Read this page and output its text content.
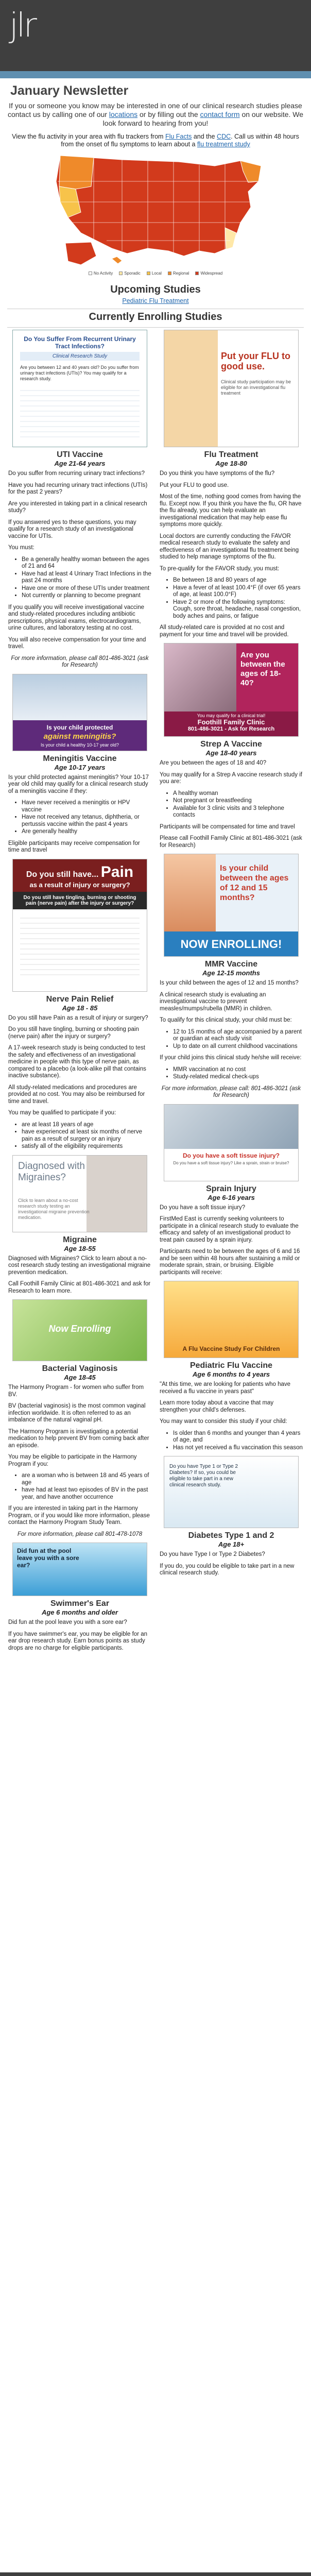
jlr
January Newsletter

If you or someone you know may be interested in one of our clinical research studies please contact us by calling one of our locations or by filling out the contact form on our website. We look forward to hearing from you!

View the flu activity in your area with flu trackers from Flu Facts and the CDC. Call us within 48 hours from the onset of flu symptoms to learn about a flu treatment study

No Activity	Sporadic	Local	Regional	Widespread
Upcoming Studies
Pediatric Flu Treatment
Currently Enrolling Studies
Do You Suffer From Recurrent Urinary Tract Infections?
Clinical Research Study
Are you between 12 and 40 years old? Do you suffer from urinary tract infections (UTIs)? You may qualify for a research study.
UTI Vaccine
Age 21-64 years

Do you suffer from recurring urinary tract infections?

Have you had recurring urinary tract infections (UTIs) for the past 2 years?

Are you interested in taking part in a clinical research study?

If you answered yes to these questions, you may qualify for a research study of an investigational vaccine for UTIs.

You must:

• Be a generally healthy woman between the ages of 21 and 64
• Have had at least 4 Urinary Tract Infections in the past 24 months
• Have one or more of these UTIs under treatment
• Not currently or planning to become pregnant

If you qualify you will receive investigational vaccine and study-related procedures including antibiotic prescriptions, physical exams, electrocardiograms, urine cultures, and laboratory testing at no cost.

You will also receive compensation for your time and travel.

For more information, please call 801-486-3021 (ask for Research)

Is your child protected
against meningitis?
Is your child a healthy 10-17 year old?
Meningitis Vaccine
Age 10-17 years

Is your child protected against meningitis? Your 10-17 year old child may qualify for a clinical research study of a meningitis vaccine if they:

• Have never received a meningitis or HPV vaccine
• Have not received any tetanus, diphtheria, or pertussis vaccine within the past 4 years
• Are generally healthy

Eligible participants may receive compensation for time and travel

Do you still have... Pain
as a result of injury or surgery?
Do you still have tingling, burning or shooting pain (nerve pain) after the injury or surgery?
Nerve Pain Relief
Age 18 - 85

Do you still have Pain as a result of injury or surgery?

Do you still have tingling, burning or shooting pain (nerve pain) after the injury or surgery?

A 17-week research study is being conducted to test the safety and effectiveness of an investigational medicine in people with this type of nerve pain, as compared to a placebo (a look-alike pill that contains inactive substance).

All study-related medications and procedures are provided at no cost. You may also be reimbursed for time and travel.

You may be qualified to participate if you:

• are at least 18 years of age
• have experienced at least six months of nerve pain as a result of surgery or an injury
• satisfy all of the eligibility requirements
Diagnosed with Migraines?
Click to learn about a no-cost research study testing an investigational migraine prevention medication.
Migraine
Age 18-55

Diagnosed with Migraines? Click to learn about a no-cost research study testing an investigational migraine prevention medication.

Call Foothill Family Clinic at 801-486-3021 and ask for Research to learn more.

Now Enrolling
Bacterial Vaginosis
Age 18-45

The Harmony Program - for women who suffer from BV.

BV (bacterial vaginosis) is the most common vaginal infection worldwide. It is often referred to as an imbalance of the natural vaginal pH.

The Harmony Program is investigating a potential medication to help prevent BV from coming back after an episode.

You may be eligible to participate in the Harmony Program if you:

• are a woman who is between 18 and 45 years of age
• have had at least two episodes of BV in the past year, and have another occurrence

If you are interested in taking part in the Harmony Program, or if you would like more information, please contact the Harmony Program Study Team.

For more information, please call 801-478-1078

Did fun at the pool leave you with a sore ear?
Swimmer's Ear
Age 6 months and older

Did fun at the pool leave you with a sore ear?

If you have swimmer's ear, you may be eligible for an ear drop research study. Earn bonus points as study drops are no charge for eligible participants.

Put your FLU to good use.
Clinical study participation may be eligible for an investigational flu treatment
Flu Treatment
Age 18-80

Do you think you have symptoms of the flu?

Put your FLU to good use.

Most of the time, nothing good comes from having the flu. Except now. If you think you have the flu, OR have the flu already, you can help evaluate an investigational medication that may help ease flu symptoms more quickly.

Local doctors are currently conducting the FAVOR medical research study to evaluate the safety and effectiveness of an investigational flu treatment being studied to help manage symptoms of the flu.

To pre-qualify for the FAVOR study, you must:

• Be between 18 and 80 years of age
• Have a fever of at least 100.4°F (if over 65 years of age, at least 100.0°F)
• Have 2 or more of the following symptoms: Cough, sore throat, headache, nasal congestion, body aches and pains, or fatigue

All study-related care is provided at no cost and payment for your time and travel will be provided.

Are you between the ages of 18-40?
You may qualify for a clinical trial!
Foothill Family Clinic
801-486-3021 - Ask for Research
Strep A Vaccine
Age 18-40 years

Are you between the ages of 18 and 40?

You may qualify for a Strep A vaccine research study if you are:

• A healthy woman
• Not pregnant or breastfeeding
• Available for 3 clinic visits and 3 telephone contacts

Participants will be compensated for time and travel

Please call Foothill Family Clinic at 801-486-3021 (ask for Research)

Is your child between the ages of 12 and 15 months?
NOW ENROLLING!
MMR Vaccine
Age 12-15 months

Is your child between the ages of 12 and 15 months?

A clinical research study is evaluating an investigational vaccine to prevent measles/mumps/rubella (MMR) in children.

To qualify for this clinical study, your child must be:

• 12 to 15 months of age accompanied by a parent or guardian at each study visit
• Up to date on all current childhood vaccinations

If your child joins this clinical study he/she will receive:

• MMR vaccination at no cost
• Study-related medical check-ups

For more information, please call: 801-486-3021 (ask for Research)

Do you have a soft tissue injury?
Do you have a soft tissue injury? Like a sprain, strain or bruise?
Sprain Injury
Age 6-16 years

Do you have a soft tissue injury?

FirstMed East is currently seeking volunteers to participate in a clinical research study to evaluate the efficacy and safety of an investigational product to treat pain caused by a sprain injury.

Participants need to be between the ages of 6 and 16 and be seen within 48 hours after sustaining a mild or moderate sprain, strain, or bruising. Eligible participants will receive:

A Flu Vaccine Study For Children
Pediatric Flu Vaccine
Age 6 months to 4 years

"At this time, we are looking for patients who have received a flu vaccine in years past"

Learn more today about a vaccine that may strengthen your child's defenses.

You may want to consider this study if your child:

• Is older than 6 months and younger than 4 years of age, and
• Has not yet received a flu vaccination this season
Do you have Type 1 or Type 2 Diabetes? If so, you could be eligible to take part in a new clinical research study.
Diabetes Type 1 and 2
Age 18+

Do you have Type I or Type 2 Diabetes?

If you do, you could be eligible to take part in a new clinical research study.
